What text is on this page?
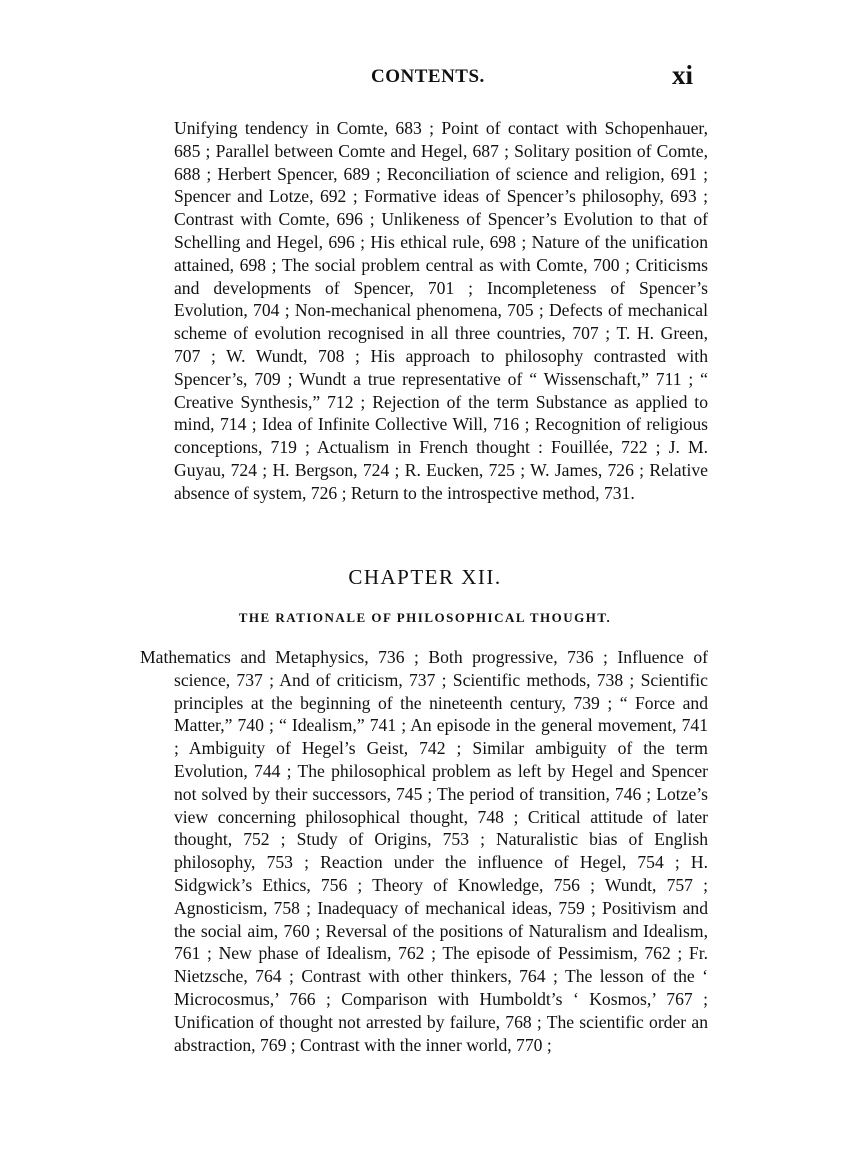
CONTENTS.	xi
Unifying tendency in Comte, 683 ; Point of contact with Schopenhauer, 685 ; Parallel between Comte and Hegel, 687 ; Solitary position of Comte, 688 ; Herbert Spencer, 689 ; Reconciliation of science and religion, 691 ; Spencer and Lotze, 692 ; Formative ideas of Spencer’s philosophy, 693 ; Contrast with Comte, 696 ; Unlikeness of Spencer’s Evolution to that of Schelling and Hegel, 696 ; His ethical rule, 698 ; Nature of the unification attained, 698 ; The social problem central as with Comte, 700 ; Criticisms and developments of Spencer, 701 ; Incompleteness of Spencer’s Evolution, 704 ; Non-mechanical phenomena, 705 ; Defects of mechanical scheme of evolution recognised in all three countries, 707 ; T. H. Green, 707 ; W. Wundt, 708 ; His approach to philosophy contrasted with Spencer’s, 709 ; Wundt a true representative of “ Wissenschaft,” 711 ; “ Creative Synthesis,” 712 ; Rejection of the term Substance as applied to mind, 714 ; Idea of Infinite Collective Will, 716 ; Recognition of religious conceptions, 719 ; Actualism in French thought : Fouillée, 722 ; J. M. Guyau, 724 ; H. Bergson, 724 ; R. Eucken, 725 ; W. James, 726 ; Relative absence of system, 726 ; Return to the introspective method, 731.
CHAPTER XII.
THE RATIONALE OF PHILOSOPHICAL THOUGHT.
Mathematics and Metaphysics, 736 ; Both progressive, 736 ; Influence of science, 737 ; And of criticism, 737 ; Scientific methods, 738 ; Scientific principles at the beginning of the nineteenth century, 739 ; “ Force and Matter,” 740 ; “ Idealism,” 741 ; An episode in the general movement, 741 ; Ambiguity of Hegel’s Geist, 742 ; Similar ambiguity of the term Evolution, 744 ; The philosophical problem as left by Hegel and Spencer not solved by their successors, 745 ; The period of transition, 746 ; Lotze’s view concerning philosophical thought, 748 ; Critical attitude of later thought, 752 ; Study of Origins, 753 ; Naturalistic bias of English philosophy, 753 ; Reaction under the influence of Hegel, 754 ; H. Sidgwick’s Ethics, 756 ; Theory of Knowledge, 756 ; Wundt, 757 ; Agnosticism, 758 ; Inadequacy of mechanical ideas, 759 ; Positivism and the social aim, 760 ; Reversal of the positions of Naturalism and Idealism, 761 ; New phase of Idealism, 762 ; The episode of Pessimism, 762 ; Fr. Nietzsche, 764 ; Contrast with other thinkers, 764 ; The lesson of the ‘ Microcosmus,’ 766 ; Comparison with Humboldt’s ‘ Kosmos,’ 767 ; Unification of thought not arrested by failure, 768 ; The scientific order an abstraction, 769 ; Contrast with the inner world, 770 ;
